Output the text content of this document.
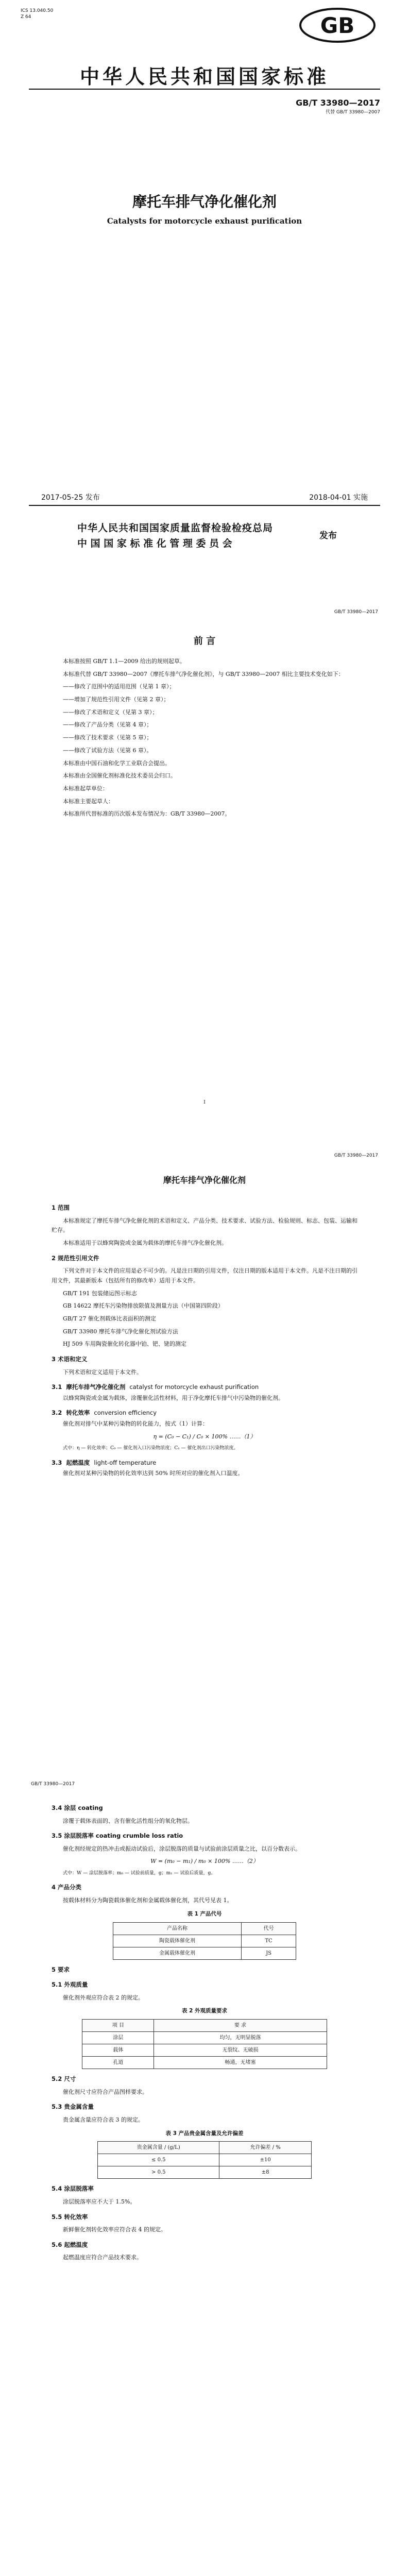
ICS 13.040.50
Z 64	GB
中华人民共和国国家标准
GB/T 33980—2017
代替 GB/T 33980—2007
摩托车排气净化催化剂
Catalysts for motorcycle exhaust purification
2017-05-25 发布	2018-04-01 实施
中华人民共和国国家质量监督检验检疫总局
中 国 国 家 标 准 化 管 理 委 员 会
发布
GB/T 33980—2017
前 言

本标准按照 GB/T 1.1—2009 给出的规则起草。

本标准代替 GB/T 33980—2007《摩托车排气净化催化剂》，与 GB/T 33980—2007 相比主要技术变化如下：

——修改了范围中的适用范围（见第 1 章）；

——增加了规范性引用文件（见第 2 章）；

——修改了术语和定义（见第 3 章）；

——修改了产品分类（见第 4 章）；

——修改了技术要求（见第 5 章）；

——修改了试验方法（见第 6 章）。

本标准由中国石油和化学工业联合会提出。

本标准由全国催化剂标准化技术委员会归口。

本标准起草单位：

本标准主要起草人：

本标准所代替标准的历次版本发布情况为：GB/T 33980—2007。

I
GB/T 33980—2017
摩托车排气净化催化剂
1 范围

本标准规定了摩托车排气净化催化剂的术语和定义、产品分类、技术要求、试验方法、检验规则、标志、包装、运输和贮存。

本标准适用于以蜂窝陶瓷或金属为载体的摩托车排气净化催化剂。

2 规范性引用文件

下列文件对于本文件的应用是必不可少的。凡是注日期的引用文件，仅注日期的版本适用于本文件。凡是不注日期的引用文件，其最新版本（包括所有的修改单）适用于本文件。

GB/T 191 包装储运图示标志

GB 14622 摩托车污染物排放限值及测量方法（中国第四阶段）

GB/T 27 催化剂载体比表面积的测定

GB/T 33980 摩托车排气净化催化剂试验方法

HJ 509 车用陶瓷催化转化器中铂、钯、铑的测定

3 术语和定义

下列术语和定义适用于本文件。

3.1 摩托车排气净化催化剂 catalyst for motorcycle exhaust purification

以蜂窝陶瓷或金属为载体，涂覆催化活性材料，用于净化摩托车排气中污染物的催化剂。

3.2 转化效率 conversion efficiency

催化剂对排气中某种污染物的转化能力，按式（1）计算：

η = (C₀ − C₁) / C₀ × 100% ……（1）

式中：η — 转化效率；C₀ — 催化剂入口污染物浓度；C₁ — 催化剂出口污染物浓度。

3.3 起燃温度 light-off temperature

催化剂对某种污染物的转化效率达到 50% 时所对应的催化剂入口温度。

GB/T 33980—2017
3.4 涂层 coating

涂覆于载体表面的、含有催化活性组分的氧化物层。

3.5 涂层脱落率 coating crumble loss ratio

催化剂经规定的热冲击或振动试验后，涂层脱落的质量与试验前涂层质量之比，以百分数表示。

W = (m₀ − m₁) / m₀ × 100% ……（2）

式中：W — 涂层脱落率；m₀ — 试验前质量，g；m₁ — 试验后质量，g。

4 产品分类

按载体材料分为陶瓷载体催化剂和金属载体催化剂，其代号见表 1。

表 1 产品代号
产品名称	代号
陶瓷载体催化剂	TC
金属载体催化剂	JS
5 要求
5.1 外观质量

催化剂外观应符合表 2 的规定。

表 2 外观质量要求
项 目	要 求
涂层	均匀，无明显脱落
载体	无裂纹、无破损
孔道	畅通，无堵塞
5.2 尺寸

催化剂尺寸应符合产品图样要求。

5.3 贵金属含量

贵金属含量应符合表 3 的规定。

表 3 产品贵金属含量及允许偏差
贵金属含量 / (g/L)	允许偏差 / %
≤ 0.5	±10
> 0.5	±8
5.4 涂层脱落率

涂层脱落率应不大于 1.5%。

5.5 转化效率

新鲜催化剂转化效率应符合表 4 的规定。

5.6 起燃温度

起燃温度应符合产品技术要求。
